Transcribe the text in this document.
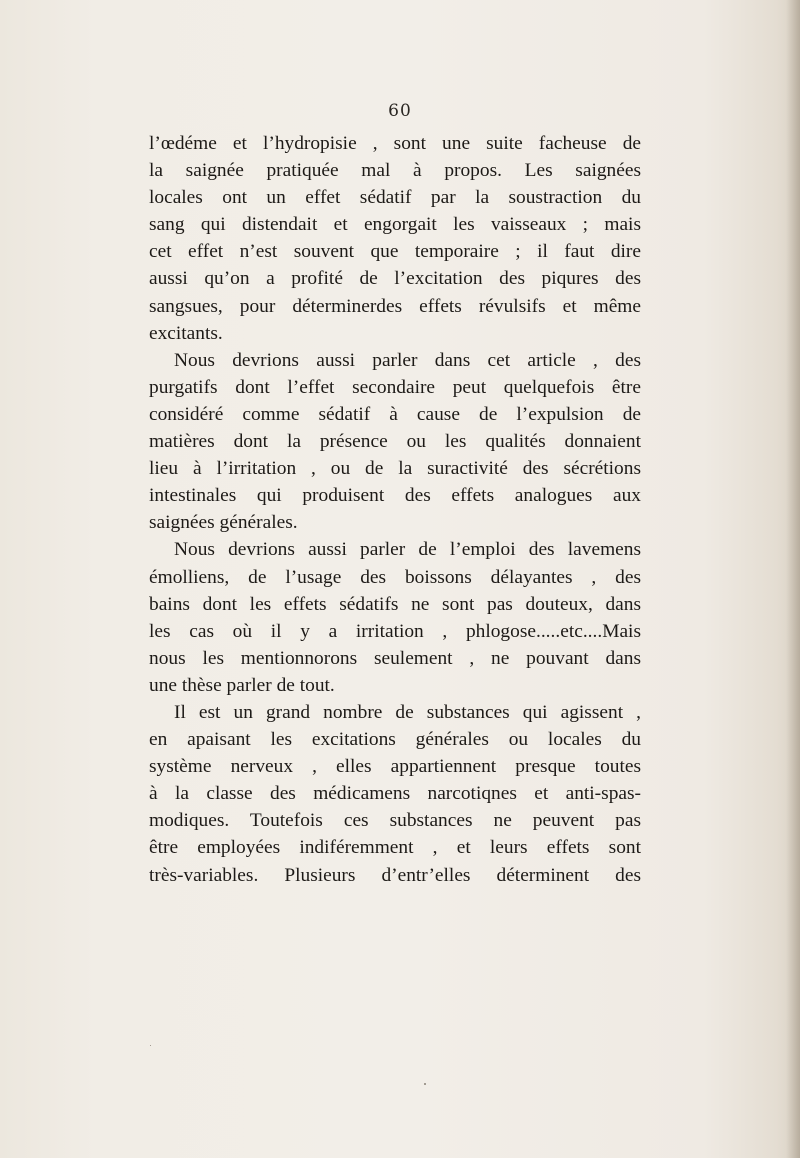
60
l’œdéme et l’hydropisie , sont une suite facheuse de
la saignée pratiquée mal à propos. Les saignées
locales ont un effet sédatif par la soustraction du
sang qui distendait et engorgait les vaisseaux ; mais
cet effet n’est souvent que temporaire ; il faut dire
aussi qu’on a profité de l’excitation des piqures des
sangsues, pour déterminerdes effets révulsifs et même
excitants.
Nous devrions aussi parler dans cet article , des
purgatifs dont l’effet secondaire peut quelquefois être
considéré comme sédatif à cause de l’expulsion de
matières dont la présence ou les qualités donnaient
lieu à l’irritation , ou de la suractivité des sécrétions
intestinales qui produisent des effets analogues aux
saignées générales.
Nous devrions aussi parler de l’emploi des lavemens
émolliens, de l’usage des boissons délayantes , des
bains dont les effets sédatifs ne sont pas douteux, dans
les cas où il y a irritation , phlogose.....etc....Mais
nous les mentionnorons seulement , ne pouvant dans
une thèse parler de tout.
Il est un grand nombre de substances qui agissent ,
en apaisant les excitations générales ou locales du
système nerveux , elles appartiennent presque toutes
à la classe des médicamens narcotiqnes et anti-spas-
modiques. Toutefois ces substances ne peuvent pas
être employées indiféremment , et leurs effets sont
très-variables. Plusieurs d’entr’elles déterminent des
